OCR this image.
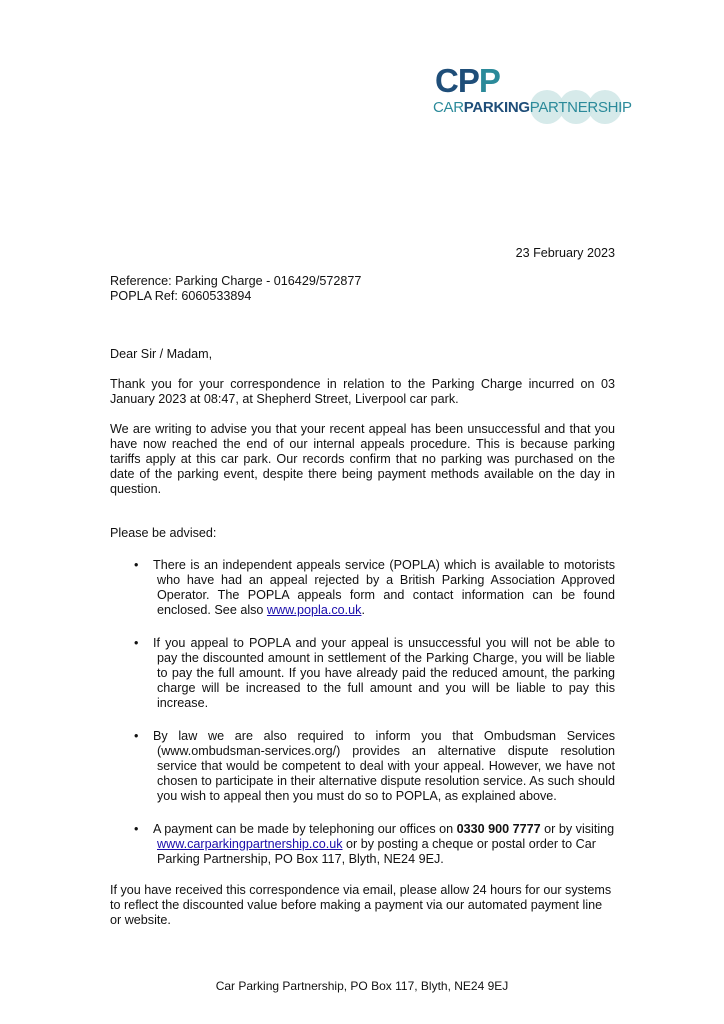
CPP
CARPARKINGPARTNERSHIP
23 February 2023
Reference: Parking Charge - 016429/572877
POPLA Ref: 6060533894
Dear Sir / Madam,
Thank you for your correspondence in relation to the Parking Charge incurred on 03 January 2023 at 08:47, at Shepherd Street, Liverpool car park.
We are writing to advise you that your recent appeal has been unsuccessful and that you have now reached the end of our internal appeals procedure. This is because parking tariffs apply at this car park. Our records confirm that no parking was purchased on the date of the parking event, despite there being payment methods available on the day in question.
Please be advised:
• There is an independent appeals service (POPLA) which is available to motorists who have had an appeal rejected by a British Parking Association Approved Operator. The POPLA appeals form and contact information can be found enclosed. See also www.popla.co.uk.
• If you appeal to POPLA and your appeal is unsuccessful you will not be able to pay the discounted amount in settlement of the Parking Charge, you will be liable to pay the full amount. If you have already paid the reduced amount, the parking charge will be increased to the full amount and you will be liable to pay this increase.
• By law we are also required to inform you that Ombudsman Services (www.ombudsman-services.org/) provides an alternative dispute resolution service that would be competent to deal with your appeal. However, we have not chosen to participate in their alternative dispute resolution service. As such should you wish to appeal then you must do so to POPLA, as explained above.
• A payment can be made by telephoning our offices on 0330 900 7777 or by visiting www.carparkingpartnership.co.uk or by posting a cheque or postal order to Car Parking Partnership, PO Box 117, Blyth, NE24 9EJ.
If you have received this correspondence via email, please allow 24 hours for our systems to reflect the discounted value before making a payment via our automated payment line or website.
Car Parking Partnership, PO Box 117, Blyth, NE24 9EJ
